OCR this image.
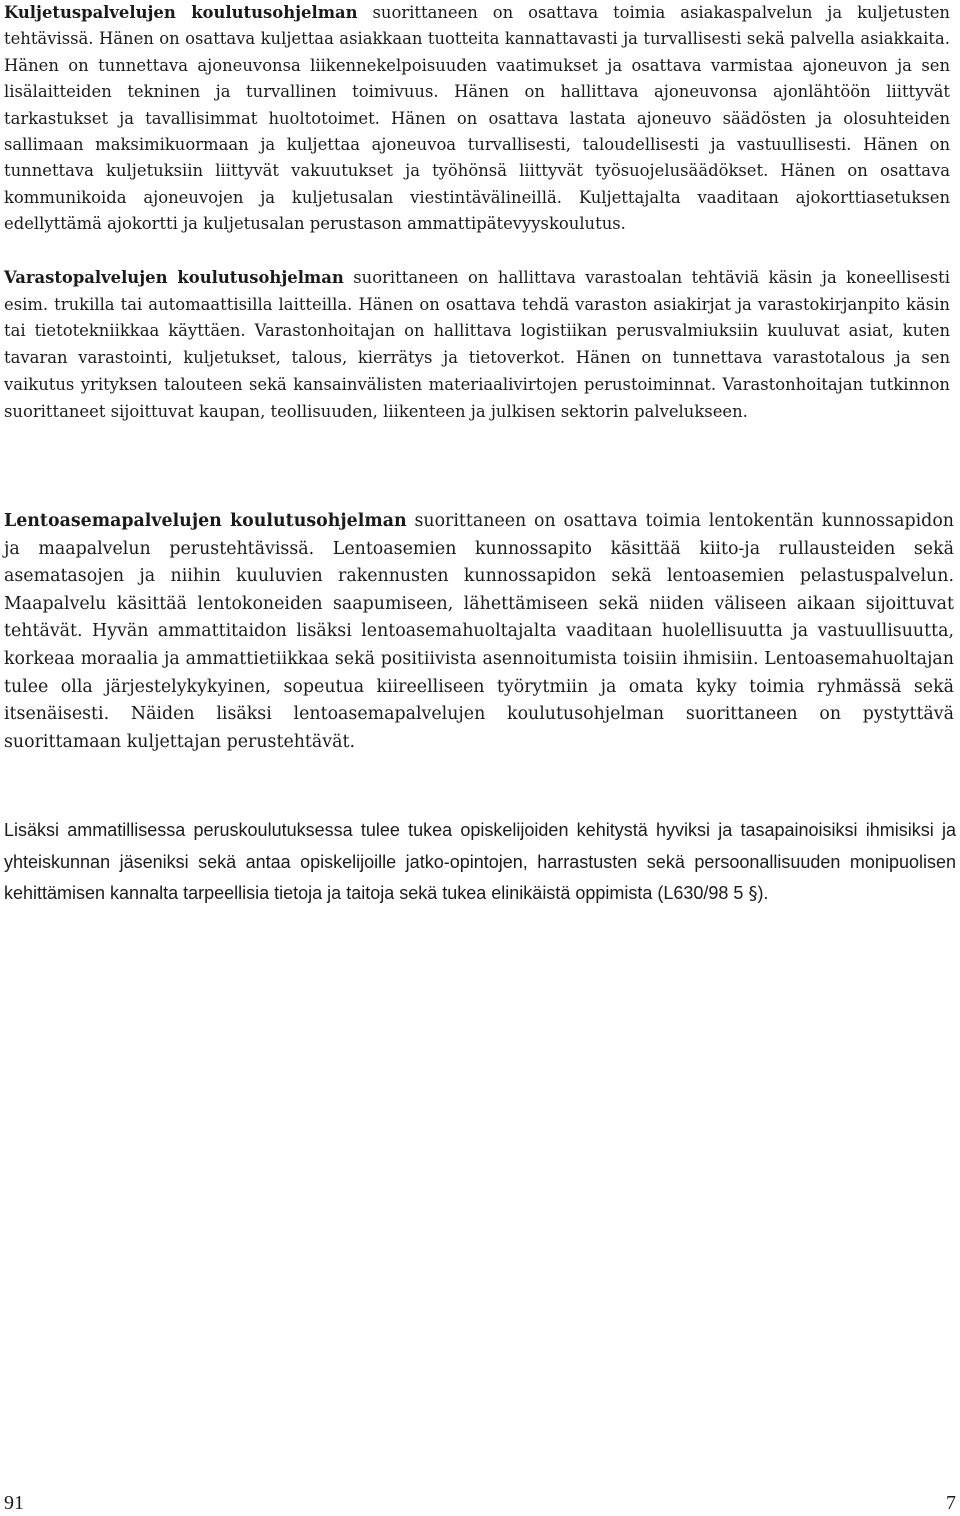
Kuljetuspalvelujen koulutusohjelman suorittaneen on osattava toimia asiakaspalvelun ja kuljetusten tehtävissä. Hänen on osattava kuljettaa asiakkaan tuotteita kannattavasti ja turvallisesti sekä palvella asiakkaita. Hänen on tunnettava ajoneuvonsa liikennekelpoisuuden vaatimukset ja osattava varmistaa ajoneuvon ja sen lisälaitteiden tekninen ja turvallinen toimivuus. Hänen on hallittava ajoneuvonsa ajonlähtöön liittyvät tarkastukset ja tavallisimmat huoltotoimet. Hänen on osattava lastata ajoneuvo säädösten ja olosuhteiden sallimaan maksimikuormaan ja kuljettaa ajoneuvoa turvallisesti, taloudellisesti ja vastuullisesti. Hänen on tunnettava kuljetuksiin liittyvät vakuutukset ja työhönsä liittyvät työsuojelusäädökset. Hänen on osattava kommunikoida ajoneuvojen ja kuljetusalan viestintävälineillä. Kuljettajalta vaaditaan ajokorttiasetuksen edellyttämä ajokortti ja kuljetusalan perustason ammattipätevyyskoulutus.

Varastopalvelujen koulutusohjelman suorittaneen on hallittava varastoalan tehtäviä käsin ja koneellisesti esim. trukilla tai automaattisilla laitteilla. Hänen on osattava tehdä varaston asiakirjat ja varastokirjanpito käsin tai tietotekniikkaa käyttäen. Varastonhoitajan on hallittava logistiikan perusvalmiuksiin kuuluvat asiat, kuten tavaran varastointi, kuljetukset, talous, kierrätys ja tietoverkot. Hänen on tunnettava varastotalous ja sen vaikutus yrityksen talouteen sekä kansainvälisten materiaalivirtojen perustoiminnat. Varastonhoitajan tutkinnon suorittaneet sijoittuvat kaupan, teollisuuden, liikenteen ja julkisen sektorin palvelukseen.

Lentoasemapalvelujen koulutusohjelman suorittaneen on osattava toimia lentokentän kunnossapidon ja maapalvelun perustehtävissä. Lentoasemien kunnossapito käsittää kiito-ja rullausteiden sekä asematasojen ja niihin kuuluvien rakennusten kunnossapidon sekä lentoasemien pelastuspalvelun. Maapalvelu käsittää lentokoneiden saapumiseen, lähettämiseen sekä niiden väliseen aikaan sijoittuvat tehtävät. Hyvän ammattitaidon lisäksi lentoasemahuoltajalta vaaditaan huolellisuutta ja vastuullisuutta, korkeaa moraalia ja ammattietiikkaa sekä positiivista asennoitumista toisiin ihmisiin. Lentoasemahuoltajan tulee olla järjestelykykyinen, sopeutua kiireelliseen työrytmiin ja omata kyky toimia ryhmässä sekä itsenäisesti. Näiden lisäksi lentoasemapalvelujen koulutusohjelman suorittaneen on pystyttävä suorittamaan kuljettajan perustehtävät.

Lisäksi ammatillisessa peruskoulutuksessa tulee tukea opiskelijoiden kehitystä hyviksi ja tasapainoisiksi ihmisiksi ja yhteiskunnan jäseniksi sekä antaa opiskelijoille jatko-opintojen, harrastusten sekä persoonallisuuden monipuolisen kehittämisen kannalta tarpeellisia tietoja ja taitoja sekä tukea elinikäistä oppimista (L630/98 5 §).

91	7
